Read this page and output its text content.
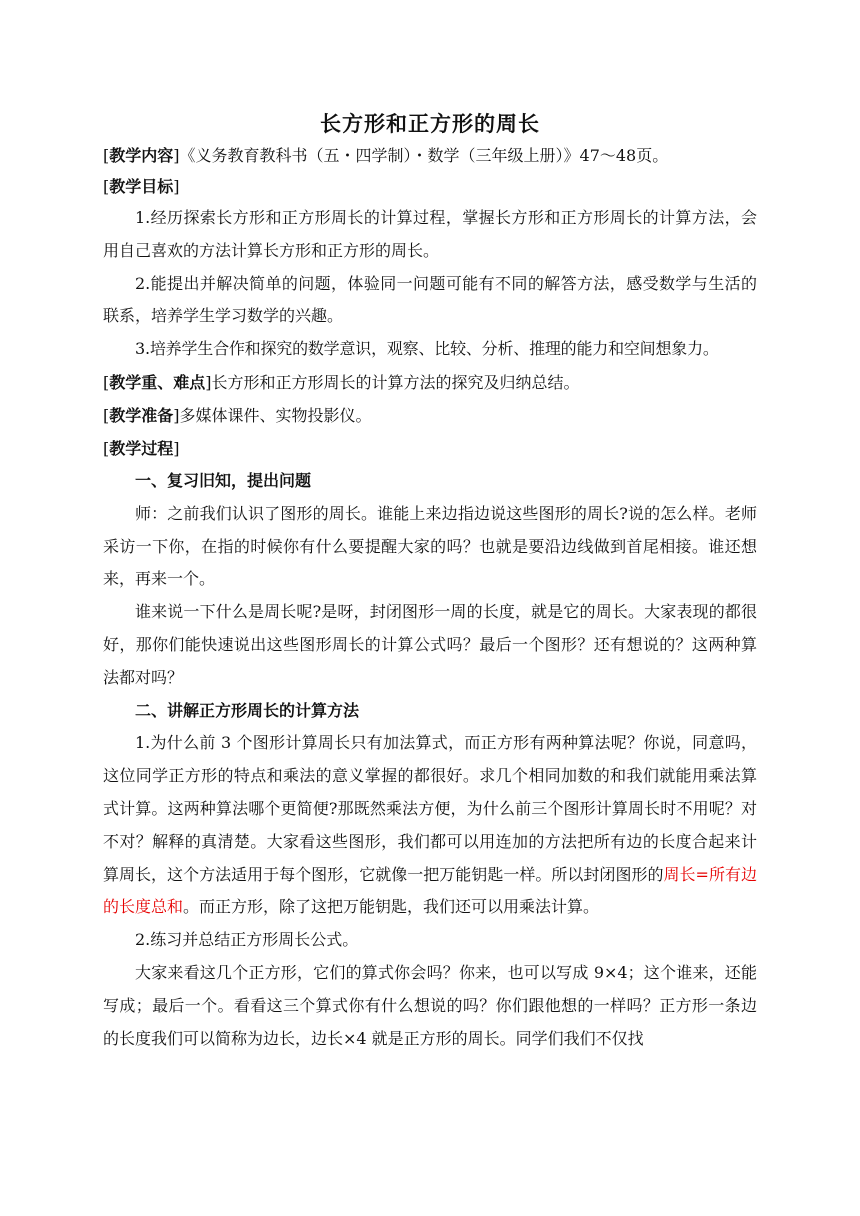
长方形和正方形的周长
[教学内容]《义务教育教科书（五・四学制）・数学（三年级上册）》47～48页。
[教学目标]

1.经历探索长方形和正方形周长的计算过程，掌握长方形和正方形周长的计算方法，会用自己喜欢的方法计算长方形和正方形的周长。

2.能提出并解决简单的问题，体验同一问题可能有不同的解答方法，感受数学与生活的联系，培养学生学习数学的兴趣。

3.培养学生合作和探究的数学意识，观察、比较、分析、推理的能力和空间想象力。

[教学重、难点]长方形和正方形周长的计算方法的探究及归纳总结。
[教学准备]多媒体课件、实物投影仪。
[教学过程]

一、复习旧知，提出问题

师：之前我们认识了图形的周长。谁能上来边指边说这些图形的周长?说的怎么样。老师采访一下你，在指的时候你有什么要提醒大家的吗？也就是要沿边线做到首尾相接。谁还想来，再来一个。

谁来说一下什么是周长呢?是呀，封闭图形一周的长度，就是它的周长。大家表现的都很好，那你们能快速说出这些图形周长的计算公式吗？最后一个图形？还有想说的？这两种算法都对吗？

二、讲解正方形周长的计算方法

1.为什么前 3 个图形计算周长只有加法算式，而正方形有两种算法呢？你说，同意吗，这位同学正方形的特点和乘法的意义掌握的都很好。求几个相同加数的和我们就能用乘法算式计算。这两种算法哪个更简便?那既然乘法方便，为什么前三个图形计算周长时不用呢？对不对？解释的真清楚。大家看这些图形，我们都可以用连加的方法把所有边的长度合起来计算周长，这个方法适用于每个图形，它就像一把万能钥匙一样。所以封闭图形的周长=所有边的长度总和。而正方形，除了这把万能钥匙，我们还可以用乘法计算。

2.练习并总结正方形周长公式。

大家来看这几个正方形，它们的算式你会吗？你来，也可以写成 9×4；这个谁来，还能写成；最后一个。看看这三个算式你有什么想说的吗？你们跟他想的一样吗？正方形一条边的长度我们可以简称为边长，边长×4 就是正方形的周长。同学们我们不仅找
